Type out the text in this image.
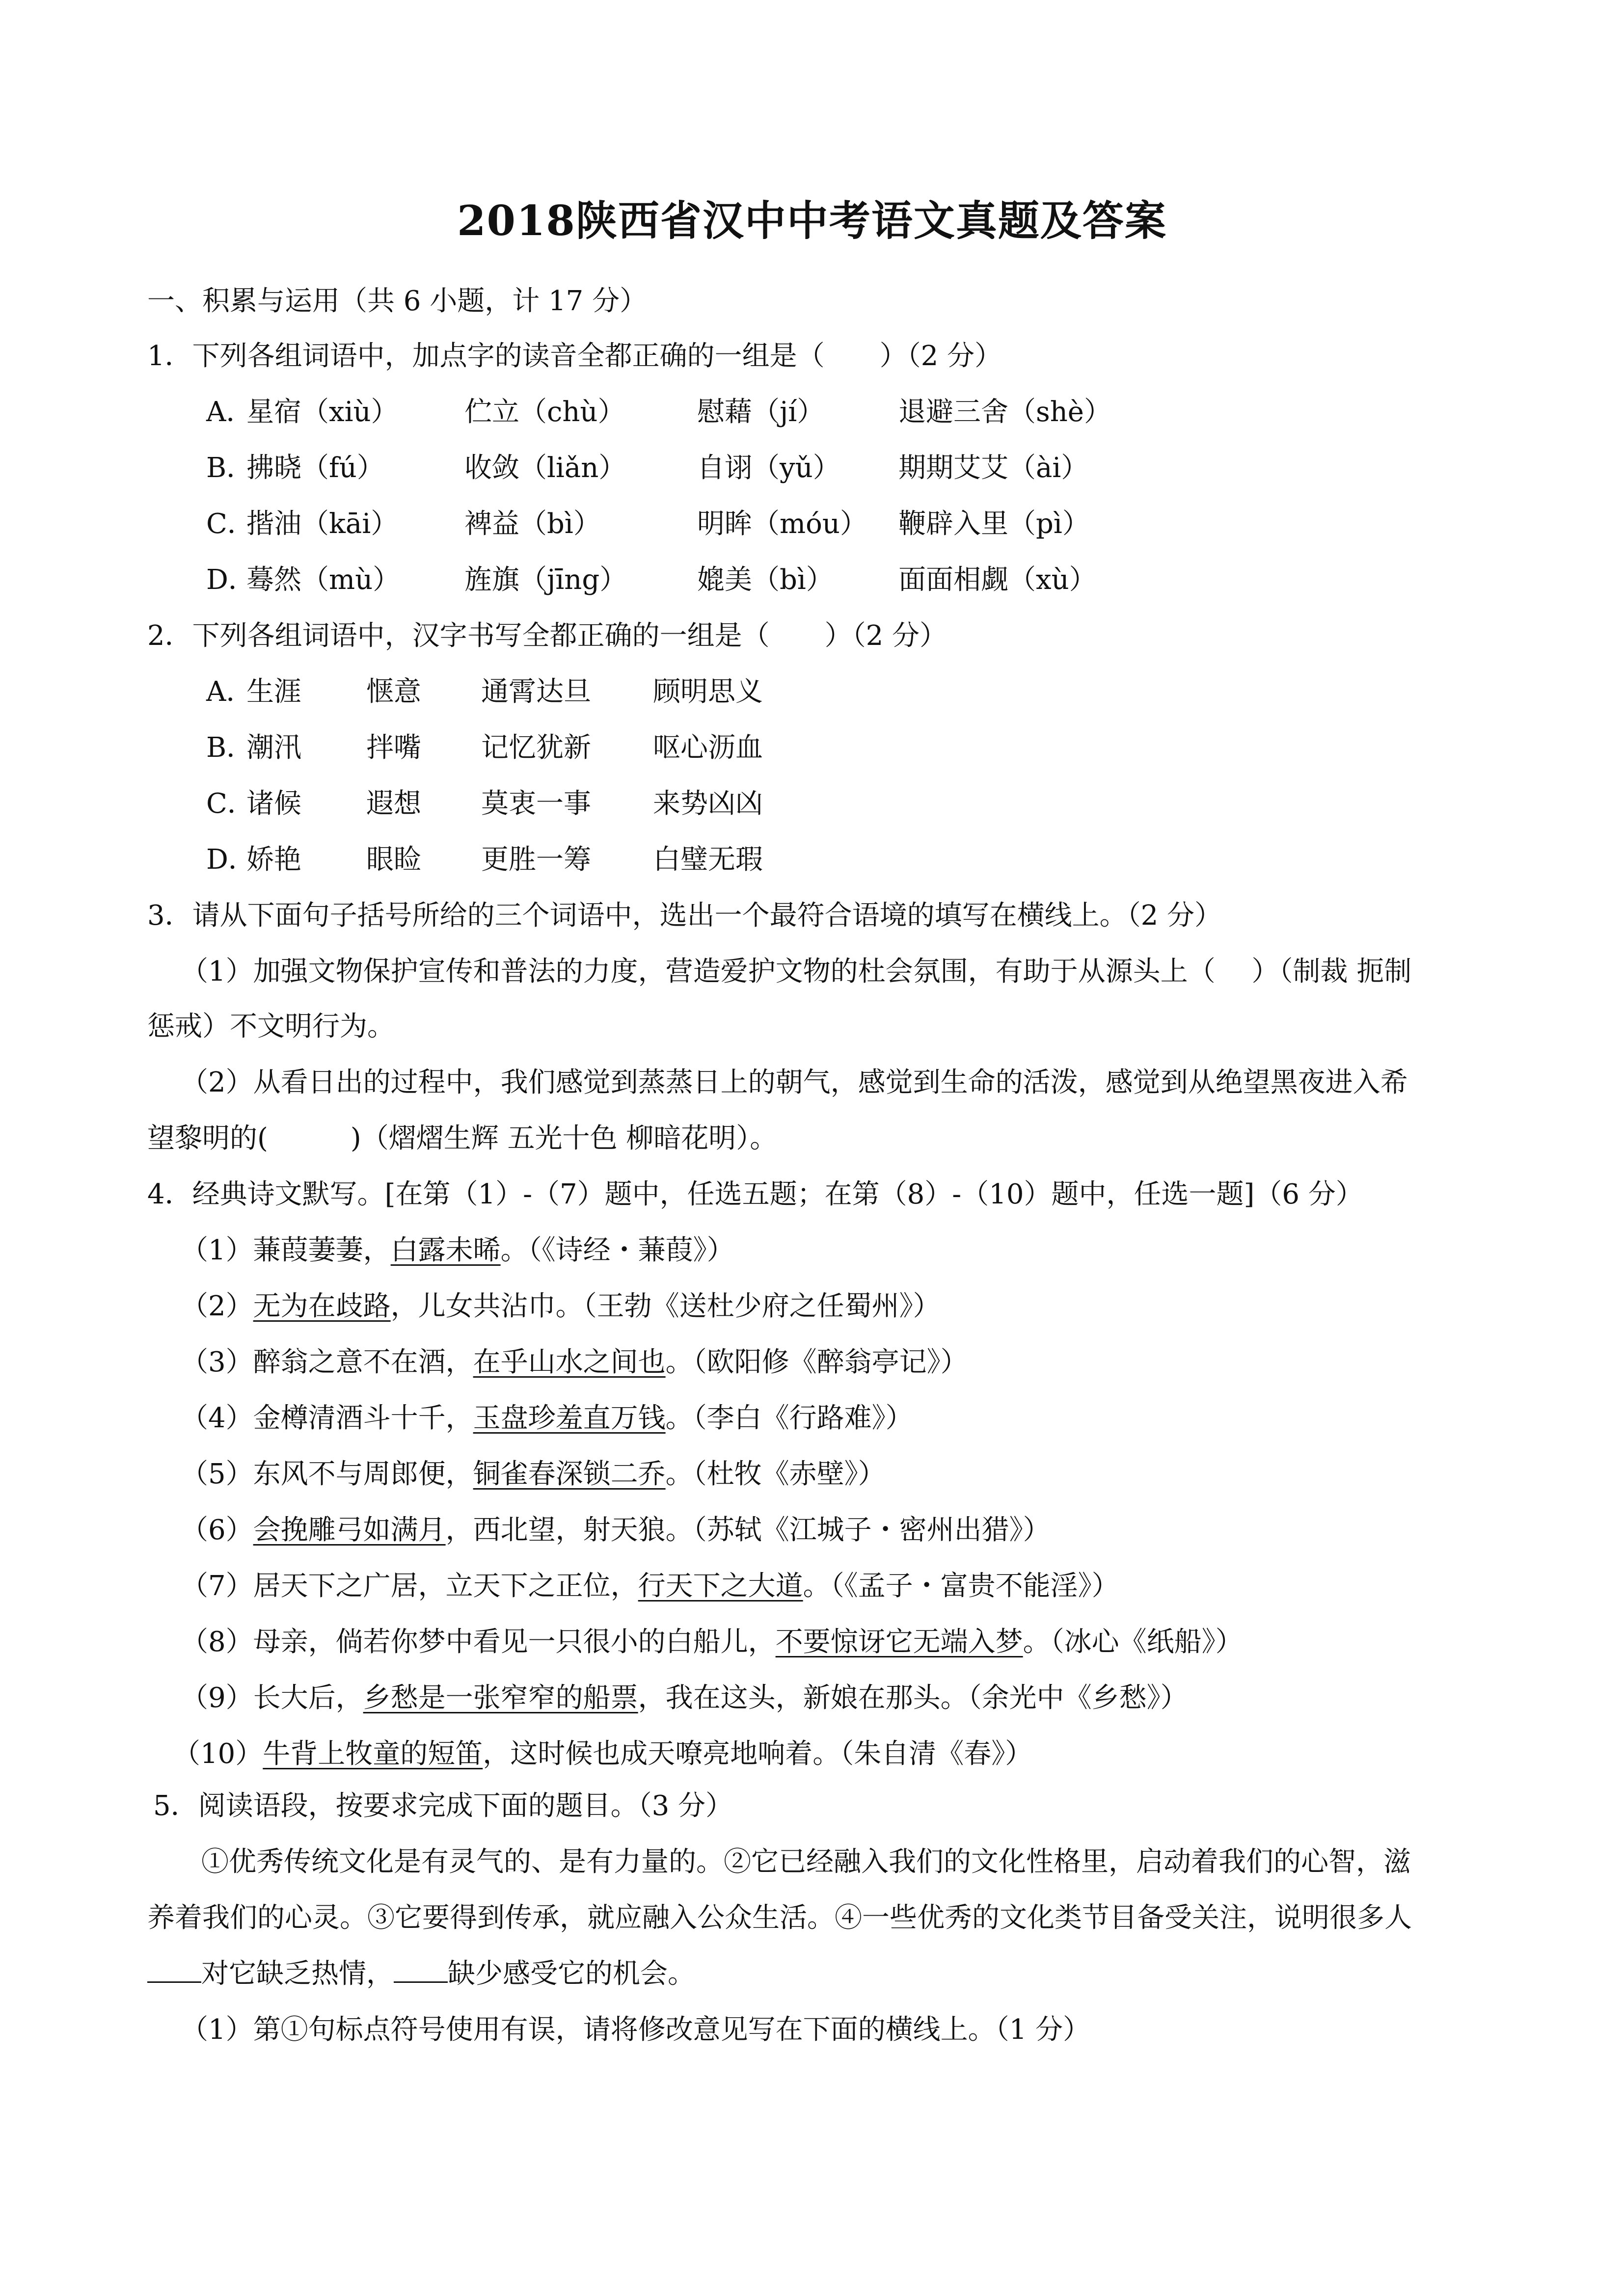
2018陕西省汉中中考语文真题及答案
一、积累与运用（共 6 小题，计 17 分）
1．下列各组词语中，加点字的读音全都正确的一组是（　　）（2 分）
A．
星宿（xiù） 伫立（chù）	慰藉（jí）	退避三舍（shè）
B．
拂晓（fú）	收敛（liǎn）	自诩（yǔ） 期期艾艾（ài）
C．
揩油（kāi） 裨益（bì）	明眸（móu） 鞭辟入里（pì）
D．
蓦然（mù） 旌旗（jīng）	媲美（bì） 面面相觑（xù）
2．下列各组词语中，汉字书写全都正确的一组是（　　）（2 分）
A．
生涯 惬意 通霄达旦 顾明思义
B．
潮汛 拌嘴 记忆犹新 呕心沥血
C．
诸候 遐想 莫衷一事 来势凶凶
D．
娇艳 眼睑 更胜一筹 白璧无瑕
3．请从下面句子括号所给的三个词语中，选出一个最符合语境的填写在横线上。（2 分）
（1）加强文物保护宣传和普法的力度，营造爱护文物的杜会氛围，有助于从源头上（　 ）（制裁 扼制
惩戒）不文明行为。
（2）从看日出的过程中，我们感觉到蒸蒸日上的朝气，感觉到生命的活泼，感觉到从绝望黑夜进入希
望黎明的(　　　)（熠熠生辉 五光十色 柳暗花明）。
4．经典诗文默写。[在第（1）-（7）题中，任选五题；在第（8）-（10）题中，任选一题]（6 分）
（1）蒹葭萋萋，白露未晞。（《诗经・蒹葭》）
（2）无为在歧路，儿女共沾巾。（王勃《送杜少府之任蜀州》）
（3）醉翁之意不在酒，在乎山水之间也。（欧阳修《醉翁亭记》）
（4）金樽清酒斗十千，玉盘珍羞直万钱。（李白《行路难》）
（5）东风不与周郎便，铜雀春深锁二乔。（杜牧《赤壁》）
（6）会挽雕弓如满月，西北望，射天狼。（苏轼《江城子・密州出猎》）
（7）居天下之广居，立天下之正位，行天下之大道。（《孟子・富贵不能淫》）
（8）母亲，倘若你梦中看见一只很小的白船儿，不要惊讶它无端入梦。（冰心《纸船》）
（9）长大后，乡愁是一张窄窄的船票，我在这头，新娘在那头。（余光中《乡愁》）
（10）牛背上牧童的短笛，这时候也成天嘹亮地响着。（朱自清《春》）
5．阅读语段，按要求完成下面的题目。（3 分）
①优秀传统文化是有灵气的、是有力量的。②它已经融入我们的文化性格里，启动着我们的心智，滋
养着我们的心灵。③它要得到传承，就应融入公众生活。④一些优秀的文化类节目备受关注，说明很多人
对它缺乏热情， 缺少感受它的机会。
（1）第①句标点符号使用有误，请将修改意见写在下面的横线上。（1 分）
